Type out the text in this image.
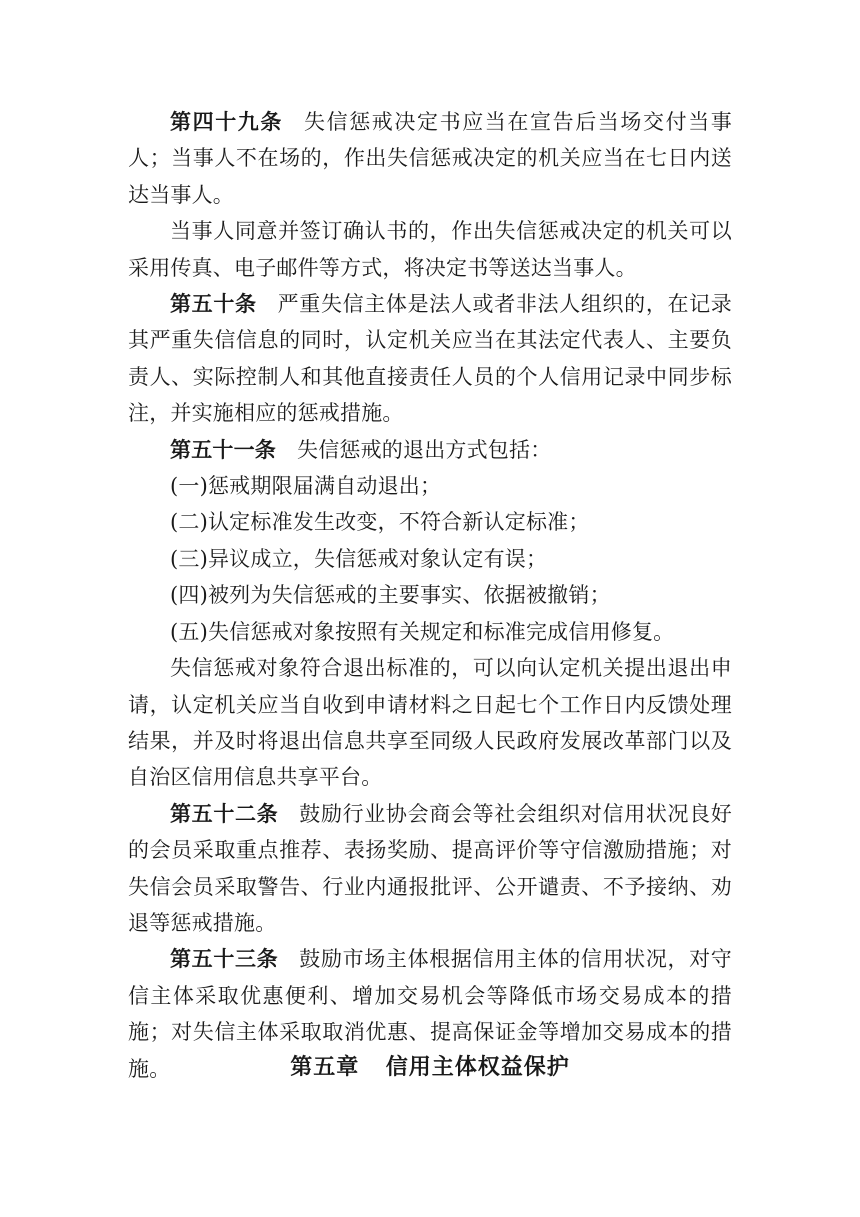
第四十九条 失信惩戒决定书应当在宣告后当场交付当事人；当事人不在场的，作出失信惩戒决定的机关应当在七日内送达当事人。

当事人同意并签订确认书的，作出失信惩戒决定的机关可以采用传真、电子邮件等方式，将决定书等送达当事人。

第五十条 严重失信主体是法人或者非法人组织的，在记录其严重失信信息的同时，认定机关应当在其法定代表人、主要负责人、实际控制人和其他直接责任人员的个人信用记录中同步标注，并实施相应的惩戒措施。

第五十一条 失信惩戒的退出方式包括：

(一)惩戒期限届满自动退出；

(二)认定标准发生改变，不符合新认定标准；

(三)异议成立，失信惩戒对象认定有误；

(四)被列为失信惩戒的主要事实、依据被撤销；

(五)失信惩戒对象按照有关规定和标准完成信用修复。

失信惩戒对象符合退出标准的，可以向认定机关提出退出申请，认定机关应当自收到申请材料之日起七个工作日内反馈处理结果，并及时将退出信息共享至同级人民政府发展改革部门以及自治区信用信息共享平台。

第五十二条 鼓励行业协会商会等社会组织对信用状况良好的会员采取重点推荐、表扬奖励、提高评价等守信激励措施；对失信会员采取警告、行业内通报批评、公开谴责、不予接纳、劝退等惩戒措施。

第五十三条 鼓励市场主体根据信用主体的信用状况，对守信主体采取优惠便利、增加交易机会等降低市场交易成本的措施；对失信主体采取取消优惠、提高保证金等增加交易成本的措施。	第五章 信用主体权益保护
